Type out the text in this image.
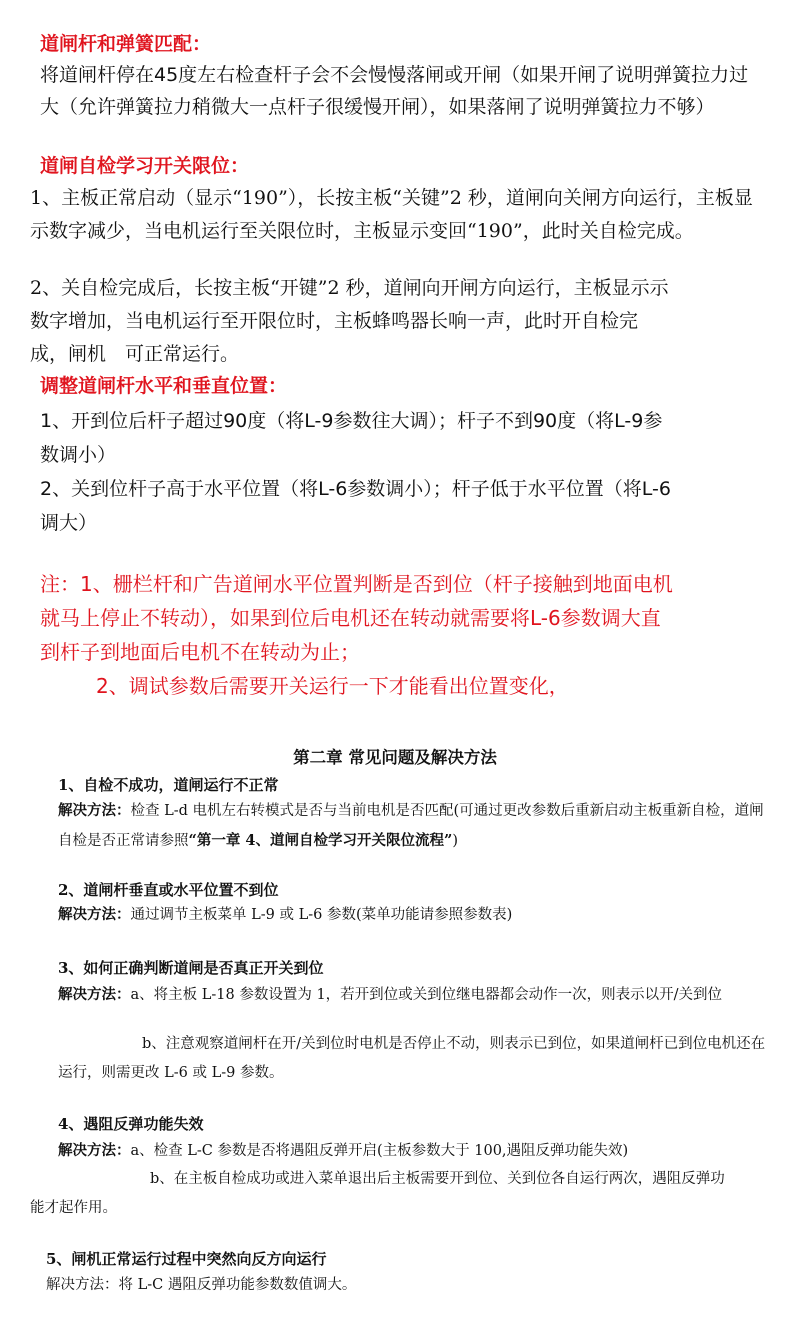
道闸杆和弹簧匹配：
将道闸杆停在45度左右检查杆子会不会慢慢落闸或开闸（如果开闸了说明弹簧拉力过大（允许弹簧拉力稍微大一点杆子很缓慢开闸），如果落闸了说明弹簧拉力不够）
道闸自检学习开关限位：
1、主板正常启动（显示“190”），长按主板“关键”2 秒，道闸向关闸方向运行，主板显示数字减少，当电机运行至关限位时，主板显示变回“190”，此时关自检完成。
2、关自检完成后，长按主板“开键”2 秒，道闸向开闸方向运行，主板显示示数字增加，当电机运行至开限位时，主板蜂鸣器长响一声，此时开自检完成，闸机　可正常运行。
调整道闸杆水平和垂直位置：
1、开到位后杆子超过90度（将L-9参数往大调）；杆子不到90度（将L-9参数调小）
2、关到位杆子高于水平位置（将L-6参数调小）；杆子低于水平位置（将L-6调大）
注：1、栅栏杆和广告道闸水平位置判断是否到位（杆子接触到地面电机就马上停止不转动），如果到位后电机还在转动就需要将L-6参数调大直到杆子到地面后电机不在转动为止；
2、调试参数后需要开关运行一下才能看出位置变化，
第二章 常见问题及解决方法
1、自检不成功，道闸运行不正常
解决方法：检查 L-d 电机左右转模式是否与当前电机是否匹配(可通过更改参数后重新启动主板重新自检，道闸自检是否正常请参照“第一章 4、道闸自检学习开关限位流程”)
2、道闸杆垂直或水平位置不到位
解决方法：通过调节主板菜单 L-9 或 L-6 参数(菜单功能请参照参数表)
3、如何正确判断道闸是否真正开关到位
解决方法：a、将主板 L-18 参数设置为 1，若开到位或关到位继电器都会动作一次，则表示以开/关到位
b、注意观察道闸杆在开/关到位时电机是否停止不动，则表示已到位，如果道闸杆已到位电机还在运行，则需更改 L-6 或 L-9 参数。
4、遇阻反弹功能失效
解决方法：a、检查 L-C 参数是否将遇阻反弹开启(主板参数大于 100,遇阻反弹功能失效)
b、在主板自检成功或进入菜单退出后主板需要开到位、关到位各自运行两次，遇阻反弹功能才起作用。
5、闸机正常运行过程中突然向反方向运行
解决方法：将 L-C 遇阻反弹功能参数数值调大。
